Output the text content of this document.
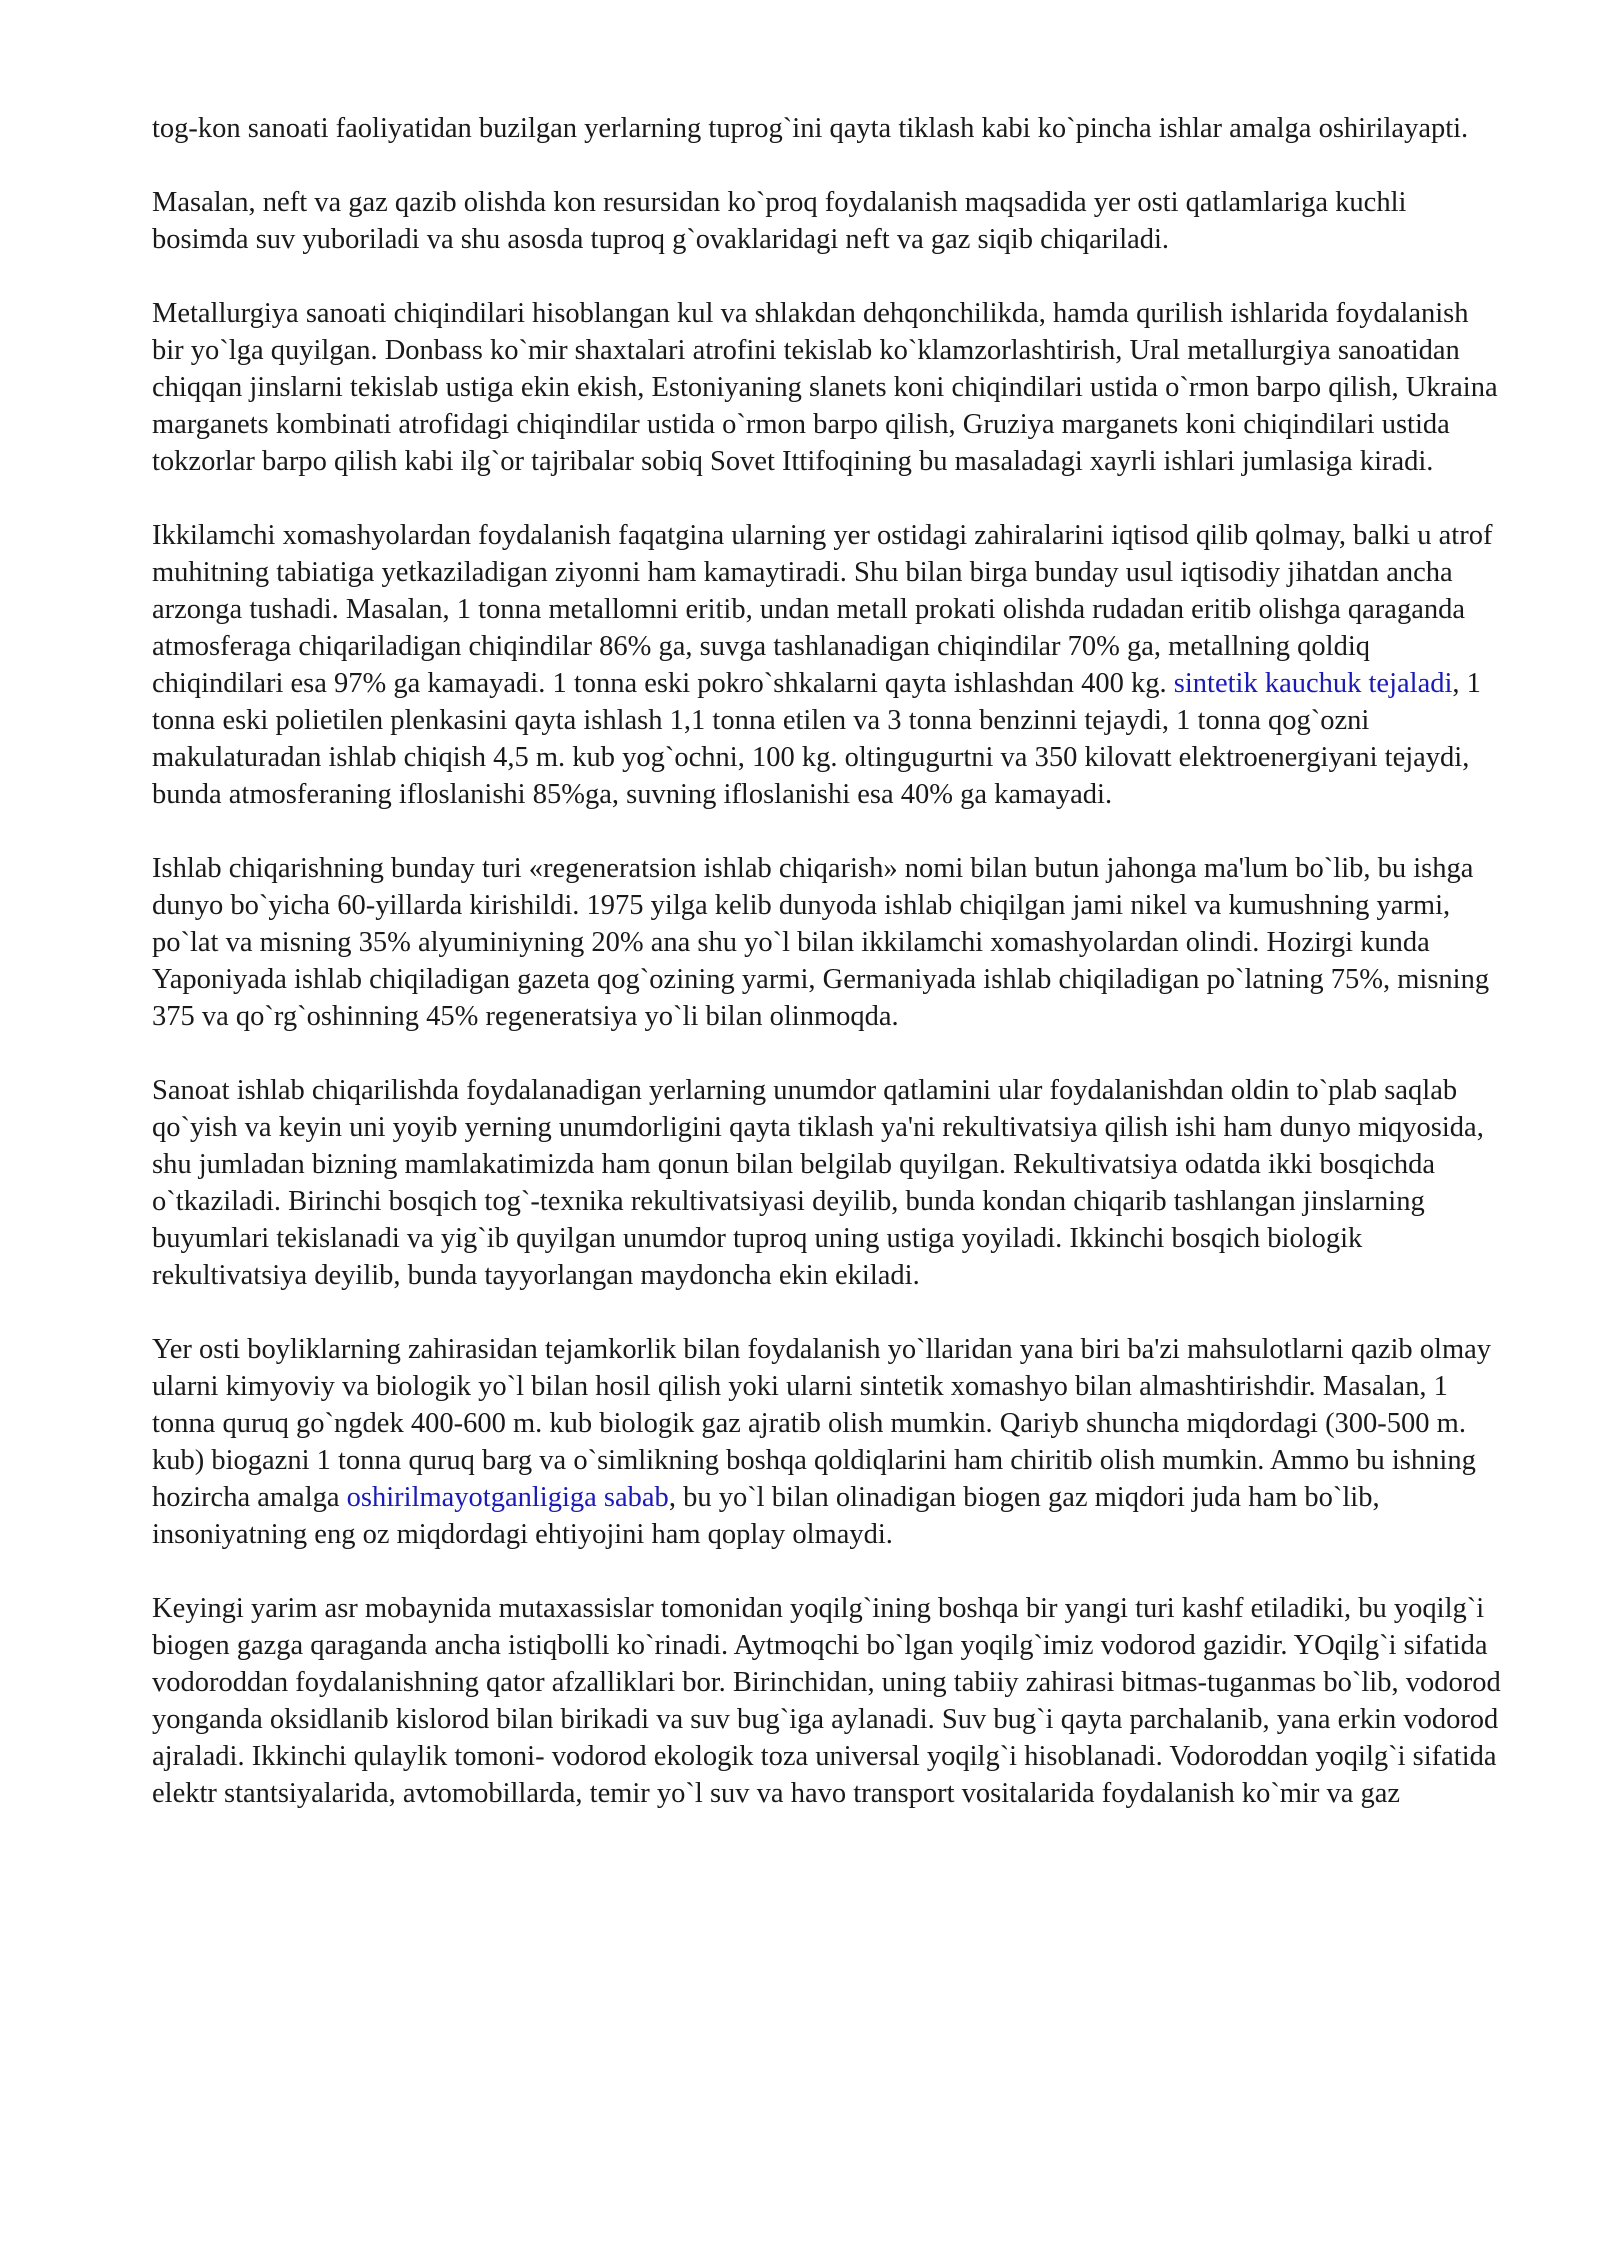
tog-kon sanoati faoliyatidan buzilgan yerlarning tuprog`ini qayta tiklash kabi ko`pincha ishlar amalga oshirilayapti.

Masalan, neft va gaz qazib olishda kon resursidan ko`proq foydalanish maqsadida yer osti qatlamlariga kuchli bosimda suv yuboriladi va shu asosda tuproq g`ovaklaridagi neft va gaz siqib chiqariladi.

Metallurgiya sanoati chiqindilari hisoblangan kul va shlakdan dehqonchilikda, hamda qurilish ishlarida foydalanish bir yo`lga quyilgan. Donbass ko`mir shaxtalari atrofini tekislab ko`klamzorlashtirish, Ural metallurgiya sanoatidan chiqqan jinslarni tekislab ustiga ekin ekish, Estoniyaning slanets koni chiqindilari ustida o`rmon barpo qilish, Ukraina marganets kombinati atrofidagi chiqindilar ustida o`rmon barpo qilish, Gruziya marganets koni chiqindilari ustida tokzorlar barpo qilish kabi ilg`or tajribalar sobiq Sovet Ittifoqining bu masaladagi xayrli ishlari jumlasiga kiradi.

Ikkilamchi xomashyolardan foydalanish faqatgina ularning yer ostidagi zahiralarini iqtisod qilib qolmay, balki u atrof muhitning tabiatiga yetkaziladigan ziyonni ham kamaytiradi. Shu bilan birga bunday usul iqtisodiy jihatdan ancha arzonga tushadi. Masalan, 1 tonna metallomni eritib, undan metall prokati olishda rudadan eritib olishga qaraganda atmosferaga chiqariladigan chiqindilar 86% ga, suvga tashlanadigan chiqindilar 70% ga, metallning qoldiq chiqindilari esa 97% ga kamayadi. 1 tonna eski pokro`shkalarni qayta ishlashdan 400 kg. sintetik kauchuk tejaladi, 1 tonna eski polietilen plenkasini qayta ishlash 1,1 tonna etilen va 3 tonna benzinni tejaydi, 1 tonna qog`ozni makulaturadan ishlab chiqish 4,5 m. kub yog`ochni, 100 kg. oltingugurtni va 350 kilovatt elektroenergiyani tejaydi, bunda atmosferaning ifloslanishi 85%ga, suvning ifloslanishi esa 40% ga kamayadi.

Ishlab chiqarishning bunday turi «regeneratsion ishlab chiqarish» nomi bilan butun jahonga ma'lum bo`lib, bu ishga dunyo bo`yicha 60-yillarda kirishildi. 1975 yilga kelib dunyoda ishlab chiqilgan jami nikel va kumushning yarmi, po`lat va misning 35% alyuminiyning 20% ana shu yo`l bilan ikkilamchi xomashyolardan olindi. Hozirgi kunda Yaponiyada ishlab chiqiladigan gazeta qog`ozining yarmi, Germaniyada ishlab chiqiladigan po`latning 75%, misning 375 va qo`rg`oshinning 45% regeneratsiya yo`li bilan olinmoqda.

Sanoat ishlab chiqarilishda foydalanadigan yerlarning unumdor qatlamini ular foydalanishdan oldin to`plab saqlab qo`yish va keyin uni yoyib yerning unumdorligini qayta tiklash ya'ni rekultivatsiya qilish ishi ham dunyo miqyosida, shu jumladan bizning mamlakatimizda ham qonun bilan belgilab quyilgan. Rekultivatsiya odatda ikki bosqichda o`tkaziladi. Birinchi bosqich tog`-texnika rekultivatsiyasi deyilib, bunda kondan chiqarib tashlangan jinslarning buyumlari tekislanadi va yig`ib quyilgan unumdor tuproq uning ustiga yoyiladi. Ikkinchi bosqich biologik rekultivatsiya deyilib, bunda tayyorlangan maydoncha ekin ekiladi.

Yer osti boyliklarning zahirasidan tejamkorlik bilan foydalanish yo`llaridan yana biri ba'zi mahsulotlarni qazib olmay ularni kimyoviy va biologik yo`l bilan hosil qilish yoki ularni sintetik xomashyo bilan almashtirishdir. Masalan, 1 tonna quruq go`ngdek 400-600 m. kub biologik gaz ajratib olish mumkin. Qariyb shuncha miqdordagi (300-500 m. kub) biogazni 1 tonna quruq barg va o`simlikning boshqa qoldiqlarini ham chiritib olish mumkin. Ammo bu ishning hozircha amalga oshirilmayotganligiga sabab, bu yo`l bilan olinadigan biogen gaz miqdori juda ham bo`lib, insoniyatning eng oz miqdordagi ehtiyojini ham qoplay olmaydi.

Keyingi yarim asr mobaynida mutaxassislar tomonidan yoqilg`ining boshqa bir yangi turi kashf etiladiki, bu yoqilg`i biogen gazga qaraganda ancha istiqbolli ko`rinadi. Aytmoqchi bo`lgan yoqilg`imiz vodorod gazidir. YOqilg`i sifatida vodoroddan foydalanishning qator afzalliklari bor. Birinchidan, uning tabiiy zahirasi bitmas-tuganmas bo`lib, vodorod yonganda oksidlanib kislorod bilan birikadi va suv bug`iga aylanadi. Suv bug`i qayta parchalanib, yana erkin vodorod ajraladi. Ikkinchi qulaylik tomoni- vodorod ekologik toza universal yoqilg`i hisoblanadi. Vodoroddan yoqilg`i sifatida elektr stantsiyalarida, avtomobillarda, temir yo`l suv va havo transport vositalarida foydalanish ko`mir va gaz
